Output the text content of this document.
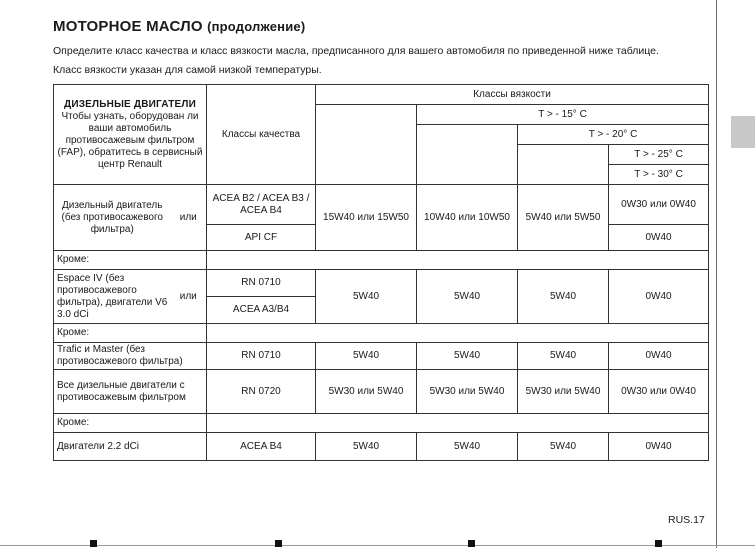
МОТОРНОЕ МАСЛО (продолжение)
Определите класс качества и класс вязкости масла, предписанного для вашего автомобиля по приведенной ниже таблице.
Класс вязкости указан для самой низкой температуры.
ДИЗЕЛЬНЫЕ ДВИГАТЕЛИ
Чтобы узнать, оборудован ли ваши автомобиль противосажевым фильтром (FAP), обратитесь в сервисный центр Renault		Классы качества	Классы вязкости			
				T > - 15° C		
					T > - 20° C	
						T > - 25° C
						T > - 30° C
Дизельный двигатель (без противосажевого фильтра)	или	ACEA B2 / ACEA B3 / ACEA B4	15W40 или 15W50	10W40 или 10W50	5W40 или 5W50	0W30 или 0W40
		API CF				0W40
Кроме:						
Espace IV (без противосажевого фильтра), двигатели V6 3.0 dCi	или	RN 0710	5W40	5W40	5W40	0W40
		ACEA A3/B4				
Кроме:						
Trafic и Master (без противосажевого фильтра)		RN 0710	5W40	5W40	5W40	0W40
Все дизельные двигатели с противосажевым фильтром		RN 0720	5W30 или 5W40	5W30 или 5W40	5W30 или 5W40	0W30 или 0W40
Кроме:						
Двигатели 2.2 dCi		ACEA B4	5W40	5W40	5W40	0W40
RUS.17
